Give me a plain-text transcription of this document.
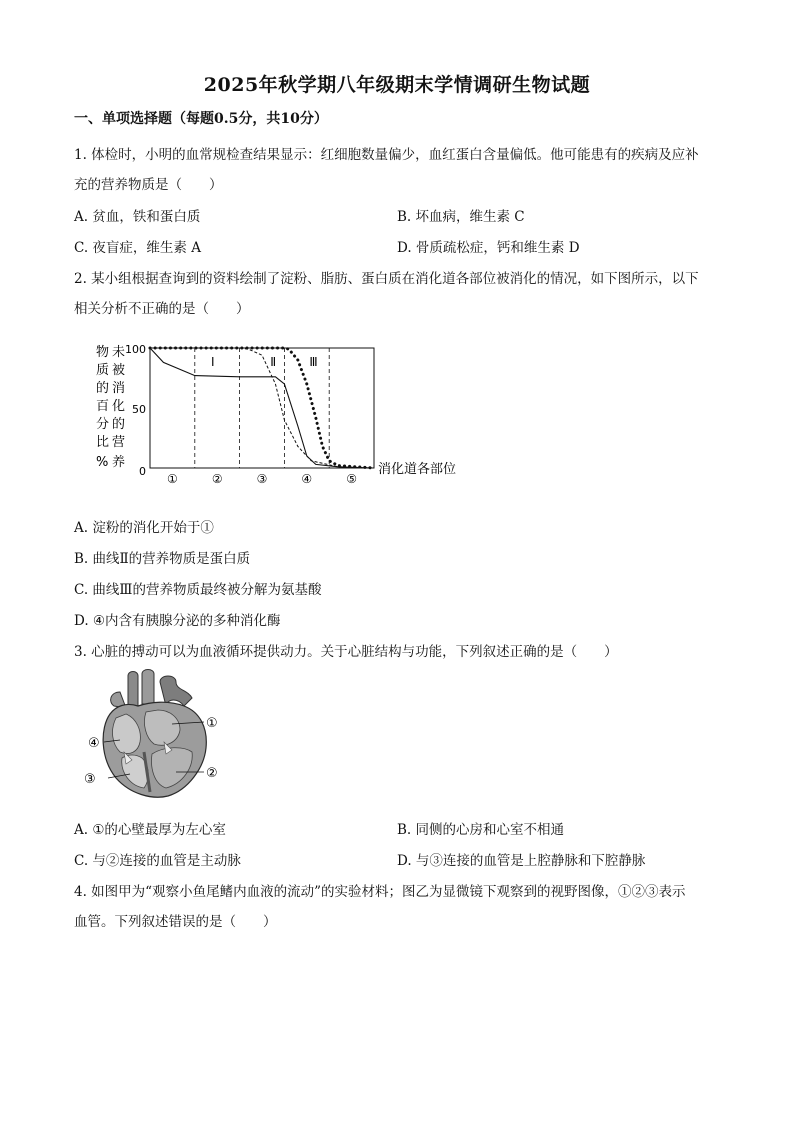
2025年秋学期八年级期末学情调研生物试题
一、单项选择题（每题0.5分，共10分）
1. 体检时，小明的血常规检查结果显示：红细胞数量偏少，血红蛋白含量偏低。他可能患有的疾病及应补
充的营养物质是（　　）
A. 贫血，铁和蛋白质	B. 坏血病，维生素 C
C. 夜盲症，维生素 A	D. 骨质疏松症，钙和维生素 D
2. 某小组根据查询到的资料绘制了淀粉、脂肪、蛋白质在消化道各部位被消化的情况，如下图所示，以下
相关分析不正确的是（　　）
物
质
的
百
分
比
%
未
被
消
化
的
营
养
100
50
0
Ⅰ	Ⅱ	Ⅲ
①	②	③	④	⑤
消化道各部位
A. 淀粉的消化开始于①
B. 曲线Ⅱ的营养物质是蛋白质
C. 曲线Ⅲ的营养物质最终被分解为氨基酸
D. ④内含有胰腺分泌的多种消化酶
3. 心脏的搏动可以为血液循环提供动力。关于心脏结构与功能，下列叙述正确的是（　　）
①
②
③
④
A. ①的心壁最厚为左心室	B. 同侧的心房和心室不相通
C. 与②连接的血管是主动脉	D. 与③连接的血管是上腔静脉和下腔静脉
4. 如图甲为“观察小鱼尾鳍内血液的流动”的实验材料；图乙为显微镜下观察到的视野图像，①②③表示
血管。下列叙述错误的是（　　）
